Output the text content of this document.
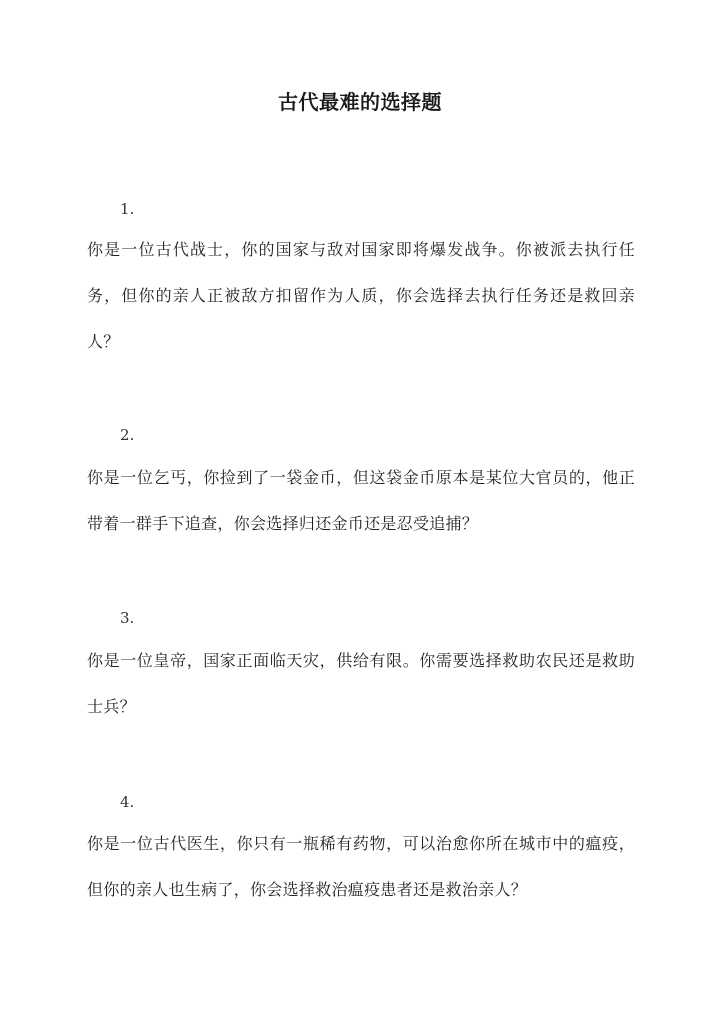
古代最难的选择题
1.
你是一位古代战士，你的国家与敌对国家即将爆发战争。你被派去执行任务，但你的亲人正被敌方扣留作为人质，你会选择去执行任务还是救回亲人？
2.
你是一位乞丐，你捡到了一袋金币，但这袋金币原本是某位大官员的，他正带着一群手下追查，你会选择归还金币还是忍受追捕？
3.
你是一位皇帝，国家正面临天灾，供给有限。你需要选择救助农民还是救助士兵？
4.
你是一位古代医生，你只有一瓶稀有药物，可以治愈你所在城市中的瘟疫，但你的亲人也生病了，你会选择救治瘟疫患者还是救治亲人？
